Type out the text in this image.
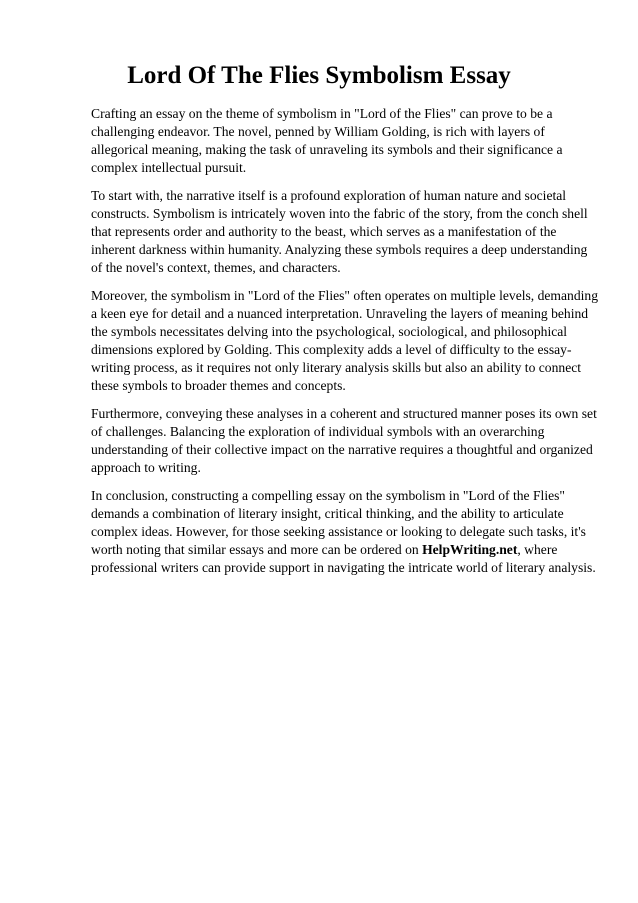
Lord Of The Flies Symbolism Essay

Crafting an essay on the theme of symbolism in "Lord of the Flies" can prove to be a challenging endeavor. The novel, penned by William Golding, is rich with layers of allegorical meaning, making the task of unraveling its symbols and their significance a complex intellectual pursuit.

To start with, the narrative itself is a profound exploration of human nature and societal constructs. Symbolism is intricately woven into the fabric of the story, from the conch shell that represents order and authority to the beast, which serves as a manifestation of the inherent darkness within humanity. Analyzing these symbols requires a deep understanding of the novel's context, themes, and characters.

Moreover, the symbolism in "Lord of the Flies" often operates on multiple levels, demanding a keen eye for detail and a nuanced interpretation. Unraveling the layers of meaning behind the symbols necessitates delving into the psychological, sociological, and philosophical dimensions explored by Golding. This complexity adds a level of difficulty to the essay-writing process, as it requires not only literary analysis skills but also an ability to connect these symbols to broader themes and concepts.

Furthermore, conveying these analyses in a coherent and structured manner poses its own set of challenges. Balancing the exploration of individual symbols with an overarching understanding of their collective impact on the narrative requires a thoughtful and organized approach to writing.

In conclusion, constructing a compelling essay on the symbolism in "Lord of the Flies" demands a combination of literary insight, critical thinking, and the ability to articulate complex ideas. However, for those seeking assistance or looking to delegate such tasks, it's worth noting that similar essays and more can be ordered on HelpWriting.net, where professional writers can provide support in navigating the intricate world of literary analysis.
